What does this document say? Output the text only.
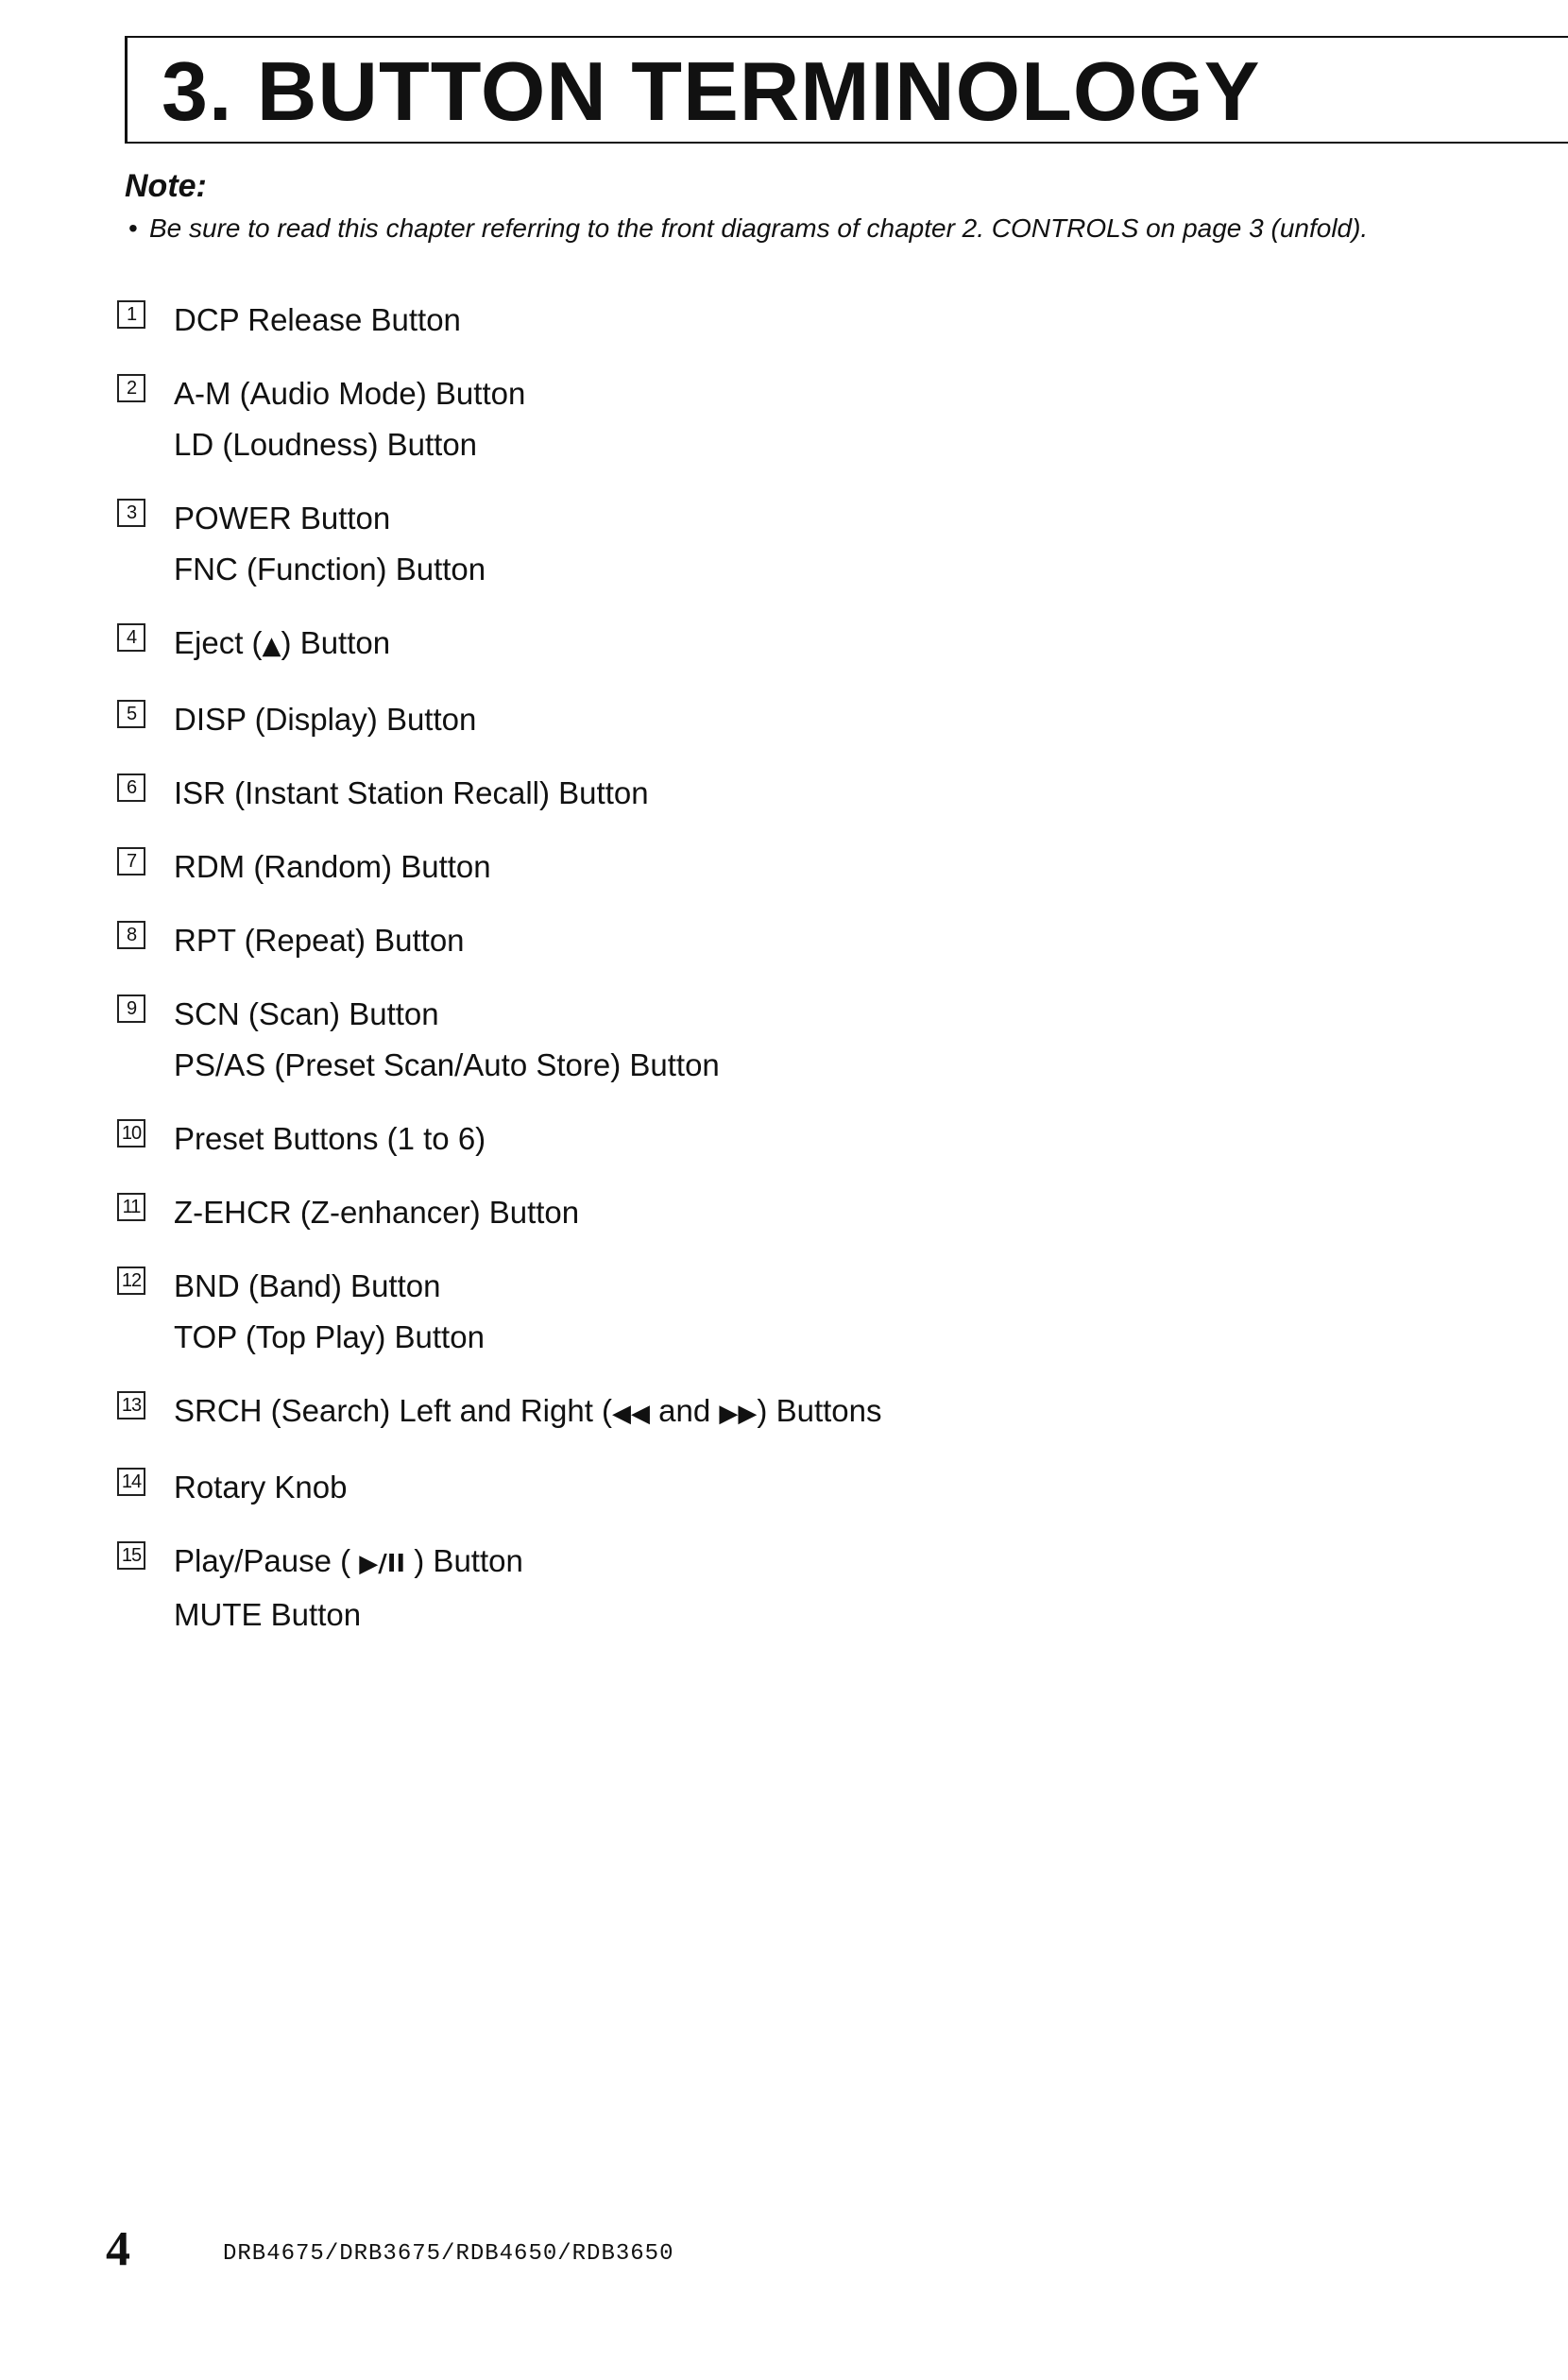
3. BUTTON TERMINOLOGY
Note:
• Be sure to read this chapter referring to the front diagrams of chapter 2. CONTROLS on page 3 (unfold).
1	DCP Release Button
2	A-M (Audio Mode) Button
LD (Loudness) Button
3	POWER Button
FNC (Function) Button
4	Eject (▲) Button
5	DISP (Display) Button
6	ISR (Instant Station Recall) Button
7	RDM (Random) Button
8	RPT (Repeat) Button
9	SCN (Scan) Button
PS/AS (Preset Scan/Auto Store) Button
10 Preset Buttons (1 to 6)
11 Z-EHCR (Z-enhancer) Button
12 BND (Band) Button
TOP (Top Play) Button
13 SRCH (Search) Left and Right (◀◀ and ▶▶) Buttons
14 Rotary Knob
15 Play/Pause ( ▶/II ) Button
MUTE Button
4	DRB4675/DRB3675/RDB4650/RDB3650
